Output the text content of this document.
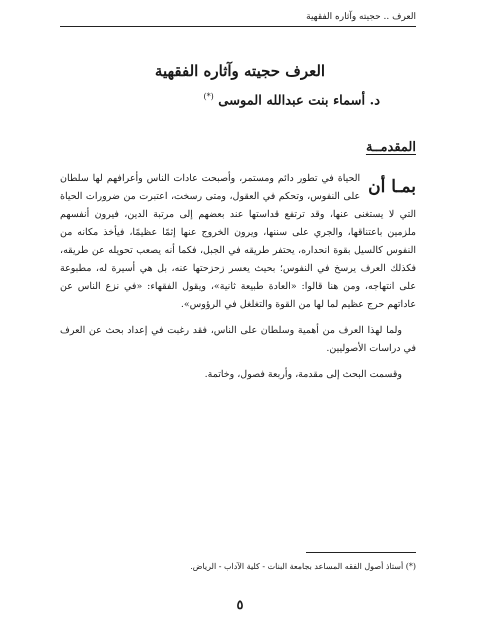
العرف .. حجيته وآثاره الفقهية
العرف حجيته وآثاره الفقهية
د. أسماء بنت عبدالله الموسى (*)
المقدمــة

بمـا أن
الحياة في تطور دائم ومستمر، وأصبحت عادات الناس وأعرافهم لها سلطان على النفوس، وتحكم في العقول، ومتى رسخت، اعتبرت من ضرورات الحياة التي لا يستغنى عنها، وقد ترتفع قداستها عند بعضهم إلى مرتبة الدين، فيرون أنفسهم ملزمين باعتناقها، والجري على سننها، ويرون الخروج عنها إثمًا عظيمًا، فيأخذ مكانه من النفوس كالسيل بقوة انحداره، يحتفر طريقه في الجبل، فكما أنه يصعب تحويله عن طريقه، فكذلك العرف يرسخ في النفوس؛ بحيث يعسر زحزحتها عنه، بل هي أسيرة له، مطبوعة على انتهاجه، ومن هنا قالوا: «العادة طبيعة ثانية»، ويقول الفقهاء: «في نزع الناس عن عاداتهم حرج عظيم لما لها من القوة والتغلغل في الرؤوس».

ولما لهذا العرف من أهمية وسلطان على الناس، فقد رغبت في إعداد بحث عن العرف في دراسات الأصوليين.

وقسمت البحث إلى مقدمة، وأربعة فصول، وخاتمة.

(*) أستاذ أصول الفقه المساعد بجامعة البنات - كلية الآداب - الرياض.
٥
